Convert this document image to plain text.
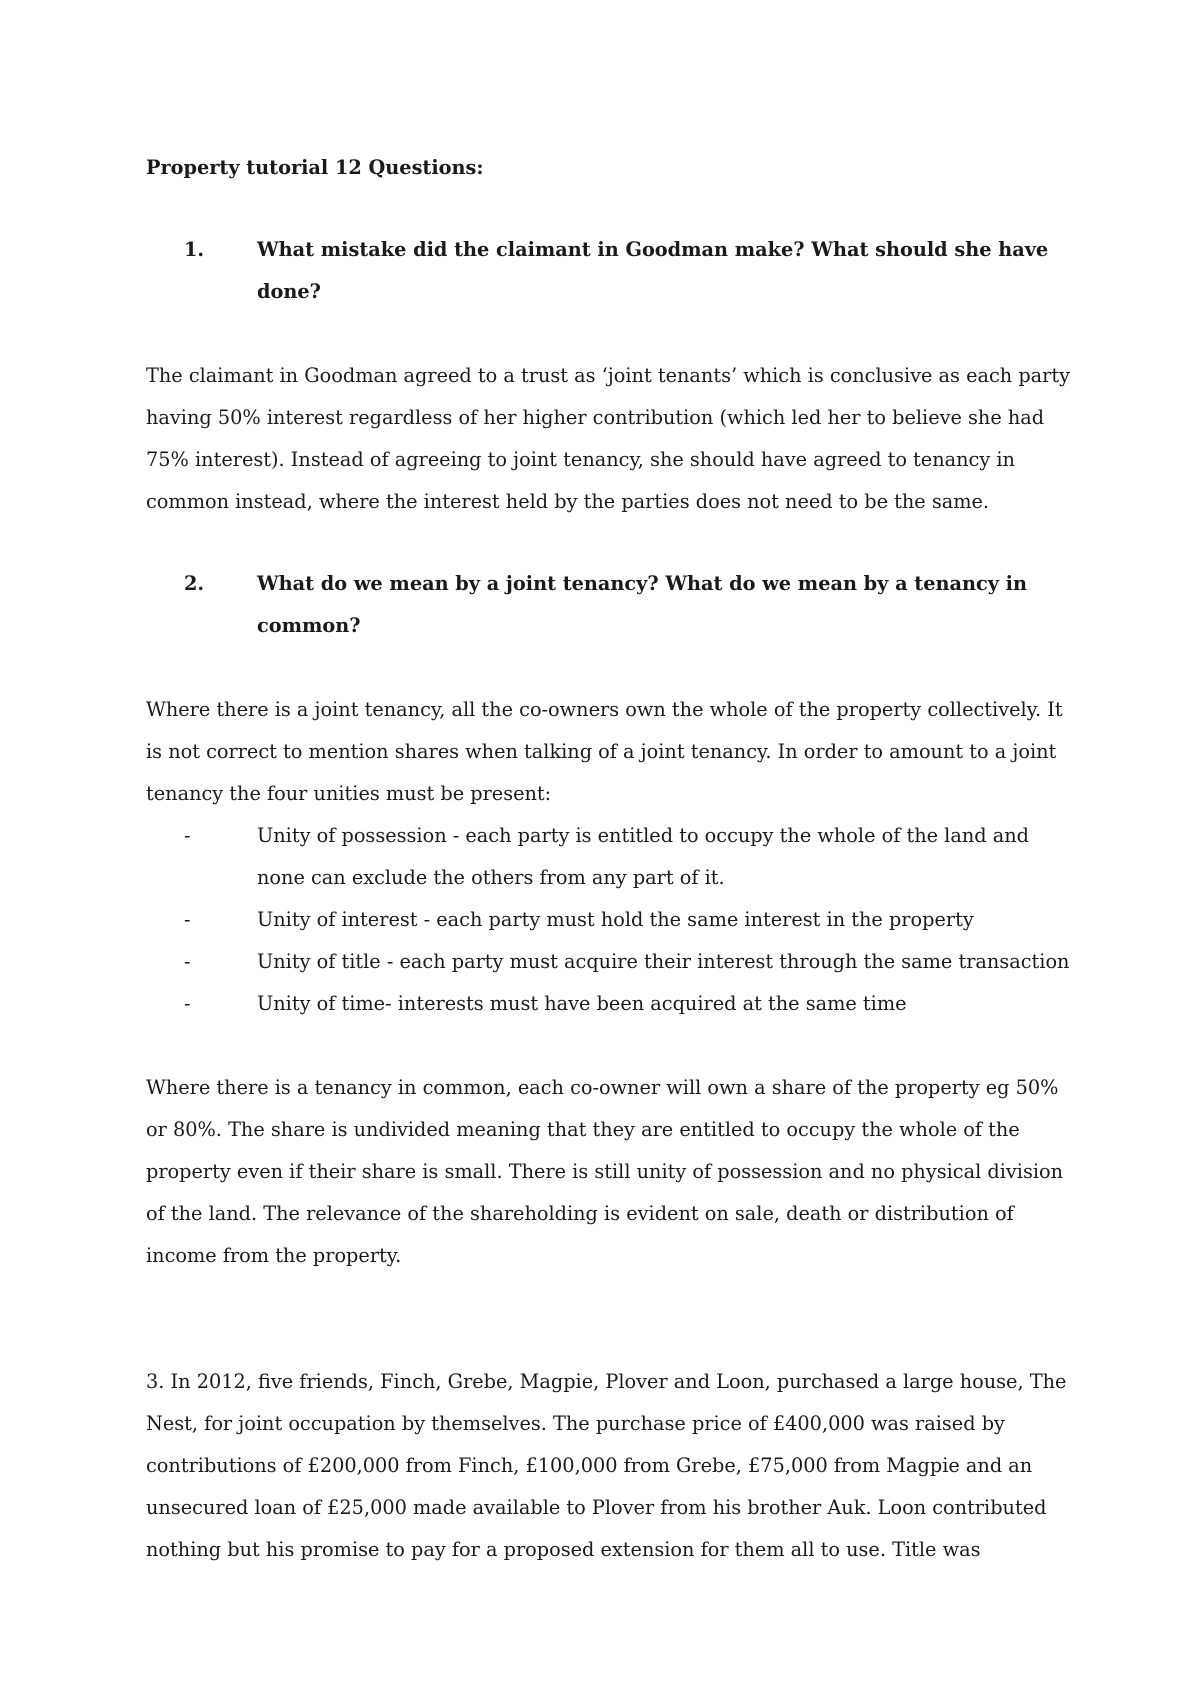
Property tutorial 12 Questions:

1.	What mistake did the claimant in Goodman make? What should she have done?

The claimant in Goodman agreed to a trust as ‘joint tenants’ which is conclusive as each party having 50% interest regardless of her higher contribution (which led her to believe she had 75% interest). Instead of agreeing to joint tenancy, she should have agreed to tenancy in common instead, where the interest held by the parties does not need to be the same.

2.	What do we mean by a joint tenancy? What do we mean by a tenancy in common?

Where there is a joint tenancy, all the co-owners own the whole of the property collectively. It is not correct to mention shares when talking of a joint tenancy. In order to amount to a joint tenancy the four unities must be present:

-	Unity of possession - each party is entitled to occupy the whole of the land and none can exclude the others from any part of it.
-	Unity of interest - each party must hold the same interest in the property
-	Unity of title - each party must acquire their interest through the same transaction
-	Unity of time- interests must have been acquired at the same time

Where there is a tenancy in common, each co-owner will own a share of the property eg 50% or 80%. The share is undivided meaning that they are entitled to occupy the whole of the property even if their share is small. There is still unity of possession and no physical division of the land. The relevance of the shareholding is evident on sale, death or distribution of income from the property.

3. In 2012, five friends, Finch, Grebe, Magpie, Plover and Loon, purchased a large house, The Nest, for joint occupation by themselves. The purchase price of £400,000 was raised by contributions of £200,000 from Finch, £100,000 from Grebe, £75,000 from Magpie and an unsecured loan of £25,000 made available to Plover from his brother Auk. Loon contributed nothing but his promise to pay for a proposed extension for them all to use. Title was
